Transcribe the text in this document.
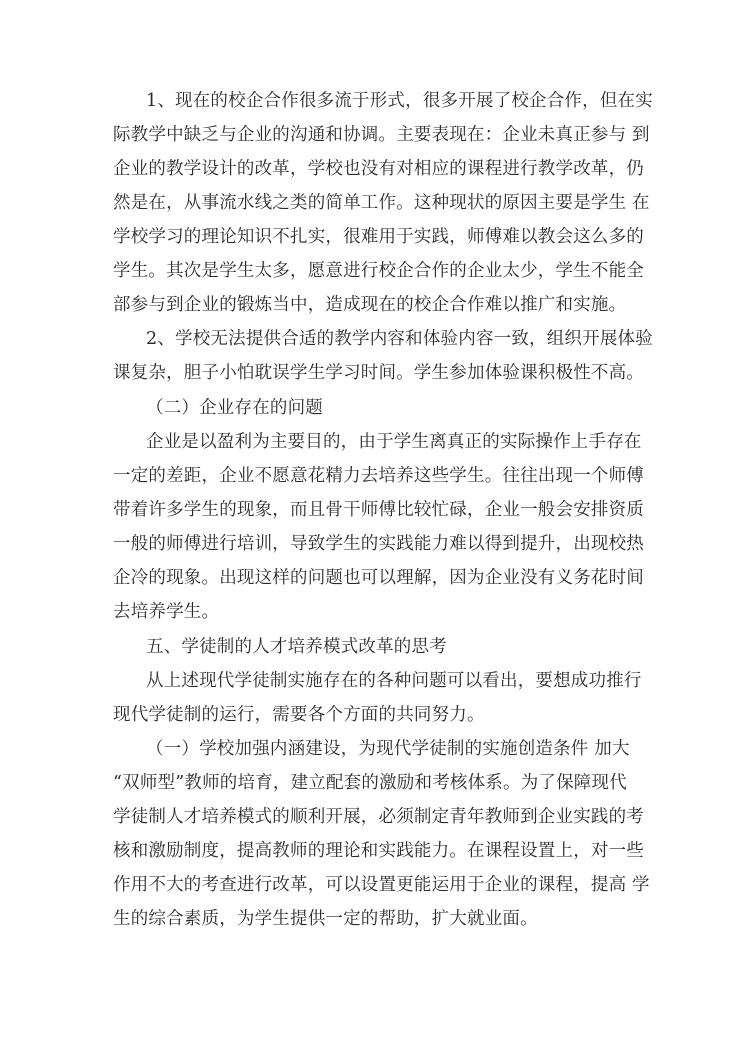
1、现在的校企合作很多流于形式，很多开展了校企合作，但在实
际教学中缺乏与企业的沟通和协调。主要表现在：企业未真正参与 到
企业的教学设计的改革，学校也没有对相应的课程进行教学改革，仍
然是在，从事流水线之类的简单工作。这种现状的原因主要是学生 在
学校学习的理论知识不扎实，很难用于实践，师傅难以教会这么多的
学生。其次是学生太多，愿意进行校企合作的企业太少，学生不能全
部参与到企业的锻炼当中，造成现在的校企合作难以推广和实施。
2、学校无法提供合适的教学内容和体验内容一致，组织开展体验
课复杂，胆子小怕耽误学生学习时间。学生参加体验课积极性不高。
（二）企业存在的问题
企业是以盈利为主要目的，由于学生离真正的实际操作上手存在
一定的差距，企业不愿意花精力去培养这些学生。往往出现一个师傅
带着许多学生的现象，而且骨干师傅比较忙碌，企业一般会安排资质
一般的师傅进行培训，导致学生的实践能力难以得到提升，出现校热
企冷的现象。出现这样的问题也可以理解，因为企业没有义务花时间
去培养学生。
五、学徒制的人才培养模式改革的思考
从上述现代学徒制实施存在的各种问题可以看出，要想成功推行
现代学徒制的运行，需要各个方面的共同努力。
（一）学校加强内涵建设，为现代学徒制的实施创造条件 加大
“双师型”教师的培育，建立配套的激励和考核体系。为了保障现代
学徒制人才培养模式的顺利开展，必须制定青年教师到企业实践的考
核和激励制度，提高教师的理论和实践能力。在课程设置上，对一些
作用不大的考查进行改革，可以设置更能运用于企业的课程，提高 学
生的综合素质，为学生提供一定的帮助，扩大就业面。
